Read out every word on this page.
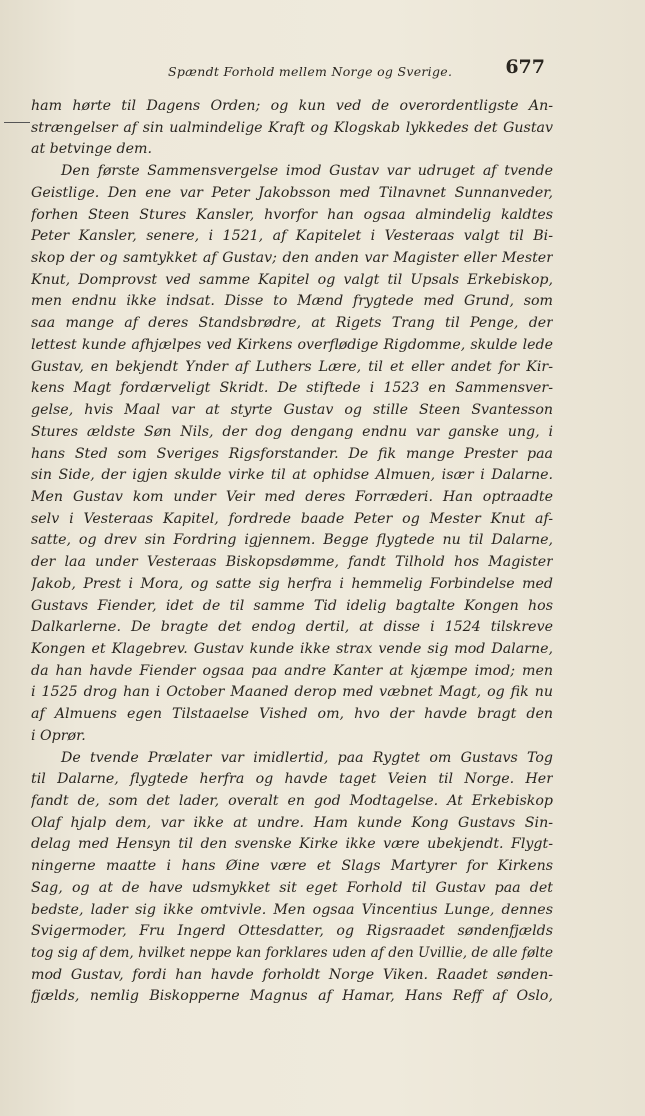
Spændt Forhold mellem Norge og Sverige.	677
ham hørte til Dagens Orden; og kun ved de overordentligste An-
strængelser af sin ualmindelige Kraft og Klogskab lykkedes det Gustav
at betvinge dem.
Den første Sammensvergelse imod Gustav var udruget af tvende
Geistlige. Den ene var Peter Jakobsson med Tilnavnet Sunnanveder,
forhen Steen Stures Kansler, hvorfor han ogsaa almindelig kaldtes
Peter Kansler, senere, i 1521, af Kapitelet i Vesteraas valgt til Bi-
skop der og samtykket af Gustav; den anden var Magister eller Mester
Knut, Domprovst ved samme Kapitel og valgt til Upsals Erkebiskop,
men endnu ikke indsat. Disse to Mænd frygtede med Grund, som
saa mange af deres Standsbrødre, at Rigets Trang til Penge, der
lettest kunde afhjælpes ved Kirkens overflødige Rigdomme, skulde lede
Gustav, en bekjendt Ynder af Luthers Lære, til et eller andet for Kir-
kens Magt fordærveligt Skridt. De stiftede i 1523 en Sammensver-
gelse, hvis Maal var at styrte Gustav og stille Steen Svantesson
Stures ældste Søn Nils, der dog dengang endnu var ganske ung, i
hans Sted som Sveriges Rigsforstander. De fik mange Prester paa
sin Side, der igjen skulde virke til at ophidse Almuen, især i Dalarne.
Men Gustav kom under Veir med deres Forræderi. Han optraadte
selv i Vesteraas Kapitel, fordrede baade Peter og Mester Knut af-
satte, og drev sin Fordring igjennem. Begge flygtede nu til Dalarne,
der laa under Vesteraas Biskopsdømme, fandt Tilhold hos Magister
Jakob, Prest i Mora, og satte sig herfra i hemmelig Forbindelse med
Gustavs Fiender, idet de til samme Tid idelig bagtalte Kongen hos
Dalkarlerne. De bragte det endog dertil, at disse i 1524 tilskreve
Kongen et Klagebrev. Gustav kunde ikke strax vende sig mod Dalarne,
da han havde Fiender ogsaa paa andre Kanter at kjæmpe imod; men
i 1525 drog han i October Maaned derop med væbnet Magt, og fik nu
af Almuens egen Tilstaaelse Vished om, hvo der havde bragt den
i Oprør.
De tvende Prælater var imidlertid, paa Rygtet om Gustavs Tog
til Dalarne, flygtede herfra og havde taget Veien til Norge. Her
fandt de, som det lader, overalt en god Modtagelse. At Erkebiskop
Olaf hjalp dem, var ikke at undre. Ham kunde Kong Gustavs Sin-
delag med Hensyn til den svenske Kirke ikke være ubekjendt. Flygt-
ningerne maatte i hans Øine være et Slags Martyrer for Kirkens
Sag, og at de have udsmykket sit eget Forhold til Gustav paa det
bedste, lader sig ikke omtvivle. Men ogsaa Vincentius Lunge, dennes
Svigermoder, Fru Ingerd Ottesdatter, og Rigsraadet søndenfjælds
tog sig af dem, hvilket neppe kan forklares uden af den Uvillie, de alle følte
mod Gustav, fordi han havde forholdt Norge Viken. Raadet sønden-
fjælds, nemlig Biskopperne Magnus af Hamar, Hans Reff af Oslo,
